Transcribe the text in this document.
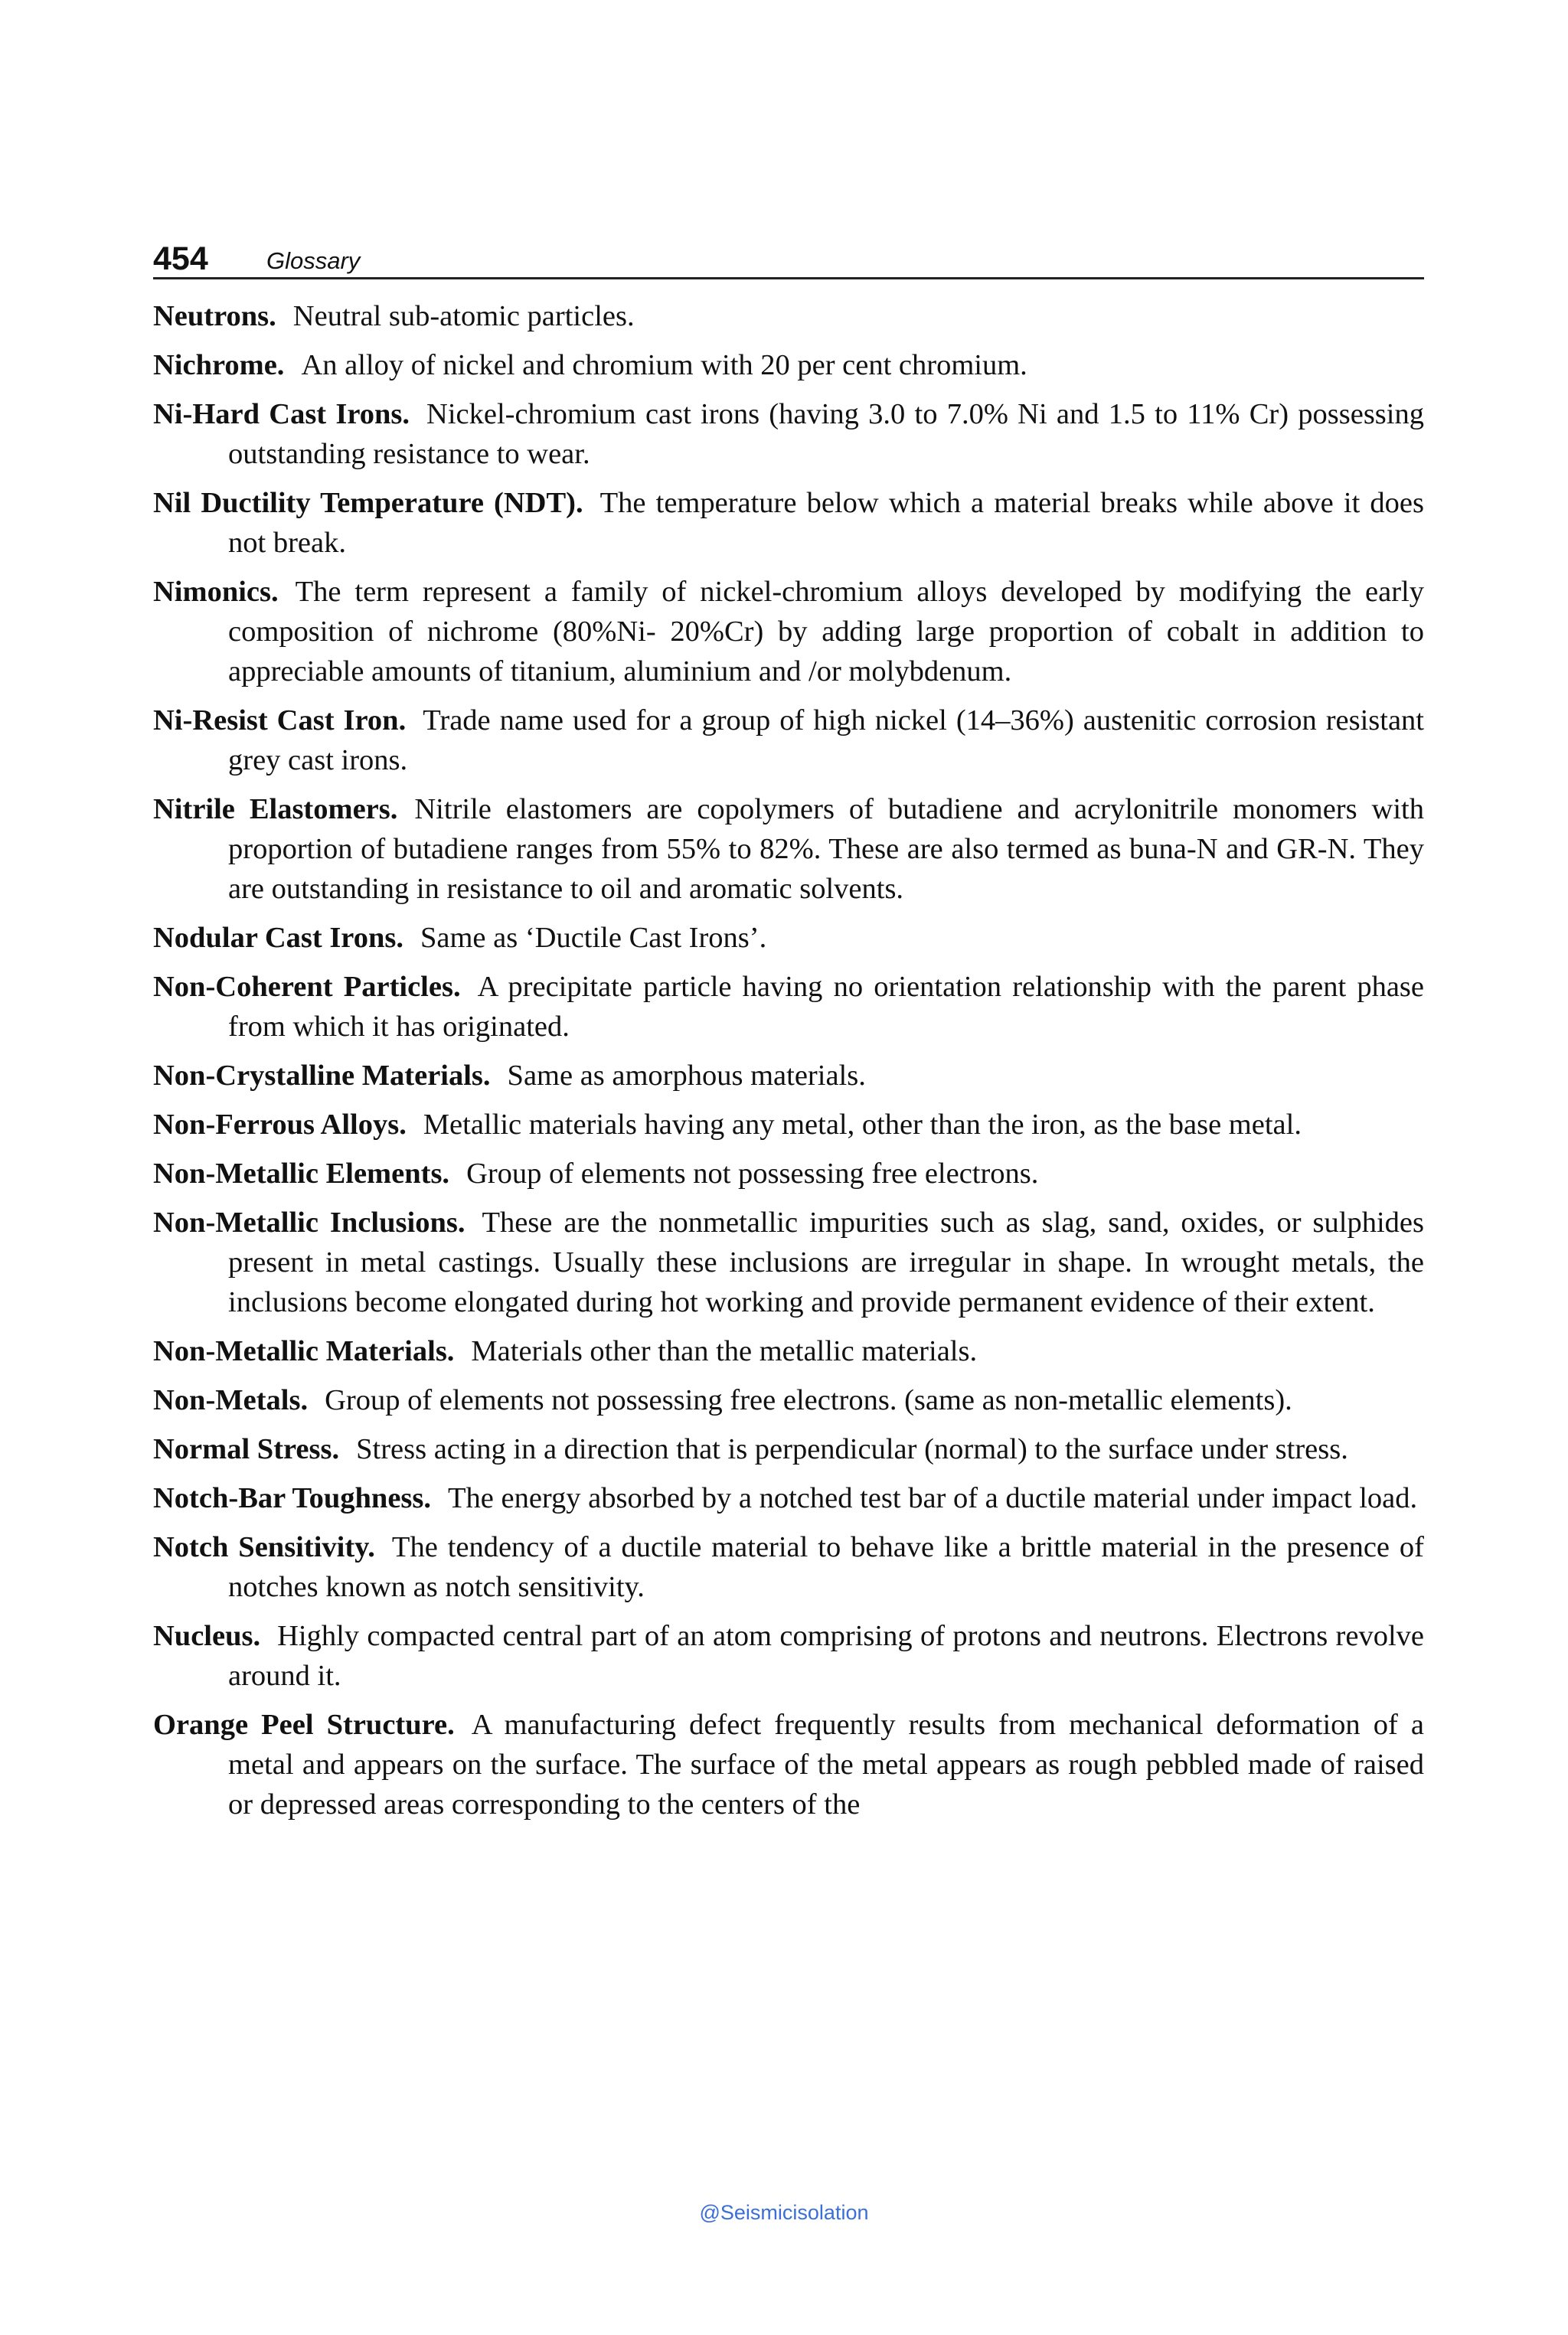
454 Glossary

Neutrons. Neutral sub-atomic particles.

Nichrome. An alloy of nickel and chromium with 20 per cent chromium.

Ni-Hard Cast Irons. Nickel-chromium cast irons (having 3.0 to 7.0% Ni and 1.5 to 11% Cr) possessing outstanding resistance to wear.

Nil Ductility Temperature (NDT). The temperature below which a material breaks while above it does not break.

Nimonics. The term represent a family of nickel-chromium alloys developed by modifying the early composition of nichrome (80%Ni- 20%Cr) by adding large proportion of cobalt in addition to appreciable amounts of titanium, aluminium and /or molybdenum.

Ni-Resist Cast Iron. Trade name used for a group of high nickel (14–36%) austenitic corrosion resistant grey cast irons.

Nitrile Elastomers. Nitrile elastomers are copolymers of butadiene and acrylonitrile monomers with proportion of butadiene ranges from 55% to 82%. These are also termed as buna-N and GR-N. They are outstanding in resistance to oil and aromatic solvents.

Nodular Cast Irons. Same as ‘Ductile Cast Irons’.

Non-Coherent Particles. A precipitate particle having no orientation relationship with the parent phase from which it has originated.

Non-Crystalline Materials. Same as amorphous materials.

Non-Ferrous Alloys. Metallic materials having any metal, other than the iron, as the base metal.

Non-Metallic Elements. Group of elements not possessing free electrons.

Non-Metallic Inclusions. These are the nonmetallic impurities such as slag, sand, oxides, or sulphides present in metal castings. Usually these inclusions are irregular in shape. In wrought metals, the inclusions become elongated during hot working and provide permanent evidence of their extent.

Non-Metallic Materials. Materials other than the metallic materials.

Non-Metals. Group of elements not possessing free electrons. (same as non-metallic elements).

Normal Stress. Stress acting in a direction that is perpendicular (normal) to the surface under stress.

Notch-Bar Toughness. The energy absorbed by a notched test bar of a ductile material under impact load.

Notch Sensitivity. The tendency of a ductile material to behave like a brittle material in the presence of notches known as notch sensitivity.

Nucleus. Highly compacted central part of an atom comprising of protons and neutrons. Electrons revolve around it.

Orange Peel Structure. A manufacturing defect frequently results from mechanical deformation of a metal and appears on the surface. The surface of the metal appears as rough pebbled made of raised or depressed areas corresponding to the centers of the

@Seismicisolation
